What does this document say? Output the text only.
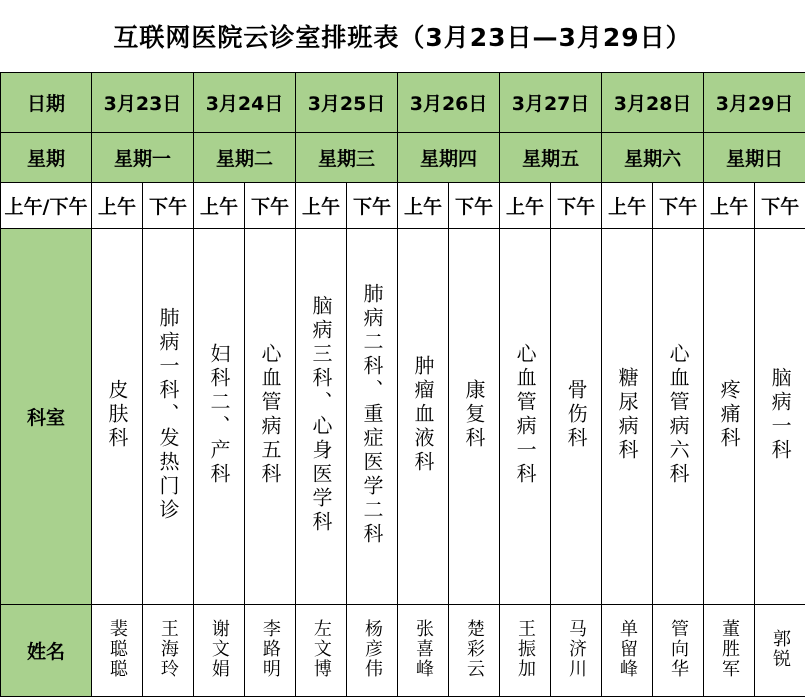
互联网医院云诊室排班表（3月23日—3月29日）
日期	3月23日		3月24日		3月25日		3月26日		3月27日		3月28日		3月29日	
星期	星期一		星期二		星期三		星期四		星期五		星期六		星期日	
上午/下午	上午	下午	上午	下午	上午	下午	上午	下午	上午	下午	上午	下午	上午	下午
科室	皮肤科	肺病一科、发热门诊	妇科二、产科	心血管病五科	脑病三科、心身医学科	肺病二科、重症医学二科	肿瘤血液科	康复科	心血管病一科	骨伤科	糖尿病科	心血管病六科	疼痛科	脑病一科
姓名	裴聪聪	王海玲	谢文娟	李路明	左文博	杨彦伟	张喜峰	楚彩云	王振加	马济川	单留峰	管向华	董胜军	郭锐
